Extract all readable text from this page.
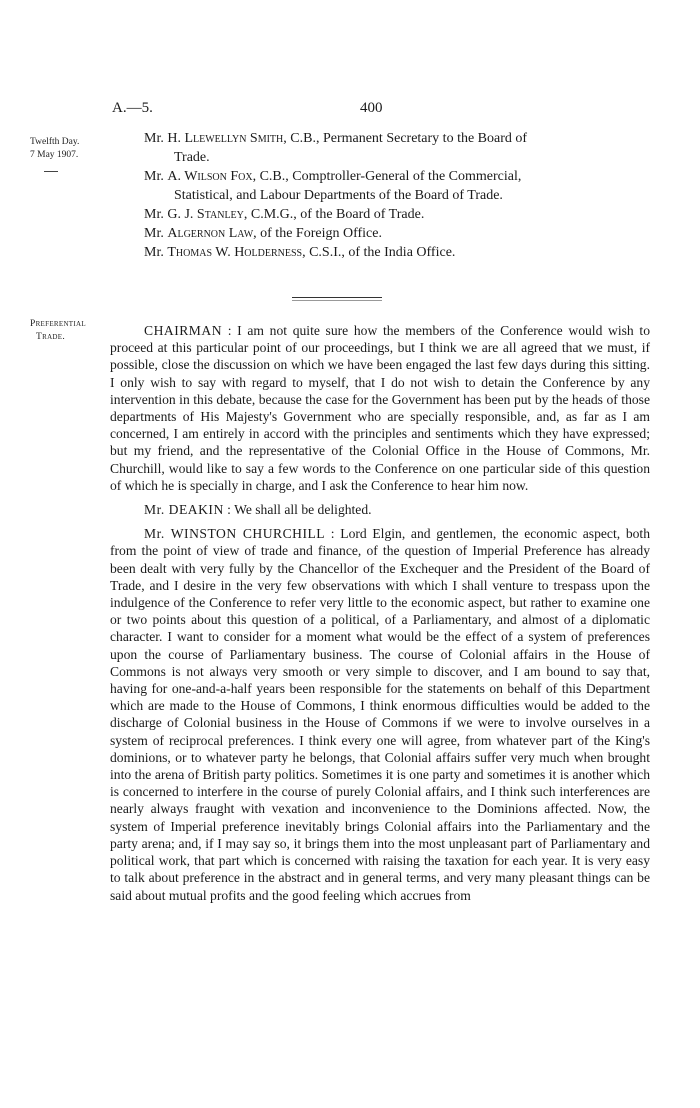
A.—5.	400
Twelfth Day.
7 May 1907.
Preferential
Trade.
Mr. H. Llewellyn Smith, C.B., Permanent Secretary to the Board of
Trade.
Mr. A. Wilson Fox, C.B., Comptroller-General of the Commercial,
Statistical, and Labour Departments of the Board of Trade.
Mr. G. J. Stanley, C.M.G., of the Board of Trade.
Mr. Algernon Law, of the Foreign Office.
Mr. Thomas W. Holderness, C.S.I., of the India Office.

CHAIRMAN : I am not quite sure how the members of the Conference would wish to proceed at this particular point of our proceedings, but I think we are all agreed that we must, if possible, close the discussion on which we have been engaged the last few days during this sitting. I only wish to say with regard to myself, that I do not wish to detain the Conference by any intervention in this debate, because the case for the Government has been put by the heads of those departments of His Majesty's Government who are specially responsible, and, as far as I am concerned, I am entirely in accord with the principles and sentiments which they have expressed; but my friend, and the representative of the Colonial Office in the House of Commons, Mr. Churchill, would like to say a few words to the Conference on one particular side of this question of which he is specially in charge, and I ask the Conference to hear him now.

Mr. DEAKIN : We shall all be delighted.

Mr. WINSTON CHURCHILL : Lord Elgin, and gentlemen, the economic aspect, both from the point of view of trade and finance, of the question of Imperial Preference has already been dealt with very fully by the Chancellor of the Exchequer and the President of the Board of Trade, and I desire in the very few observations with which I shall venture to trespass upon the indulgence of the Conference to refer very little to the economic aspect, but rather to examine one or two points about this question of a political, of a Parliamentary, and almost of a diplomatic character. I want to consider for a moment what would be the effect of a system of preferences upon the course of Parliamentary business. The course of Colonial affairs in the House of Commons is not always very smooth or very simple to discover, and I am bound to say that, having for one-and-a-half years been responsible for the statements on behalf of this Department which are made to the House of Commons, I think enormous difficulties would be added to the discharge of Colonial business in the House of Commons if we were to involve ourselves in a system of reciprocal preferences. I think every one will agree, from whatever part of the King's dominions, or to whatever party he belongs, that Colonial affairs suffer very much when brought into the arena of British party politics. Sometimes it is one party and sometimes it is another which is concerned to interfere in the course of purely Colonial affairs, and I think such interferences are nearly always fraught with vexation and inconvenience to the Dominions affected. Now, the system of Imperial preference inevitably brings Colonial affairs into the Parliamentary and the party arena; and, if I may say so, it brings them into the most unpleasant part of Parliamentary and political work, that part which is concerned with raising the taxation for each year. It is very easy to talk about preference in the abstract and in general terms, and very many pleasant things can be said about mutual profits and the good feeling which accrues from
